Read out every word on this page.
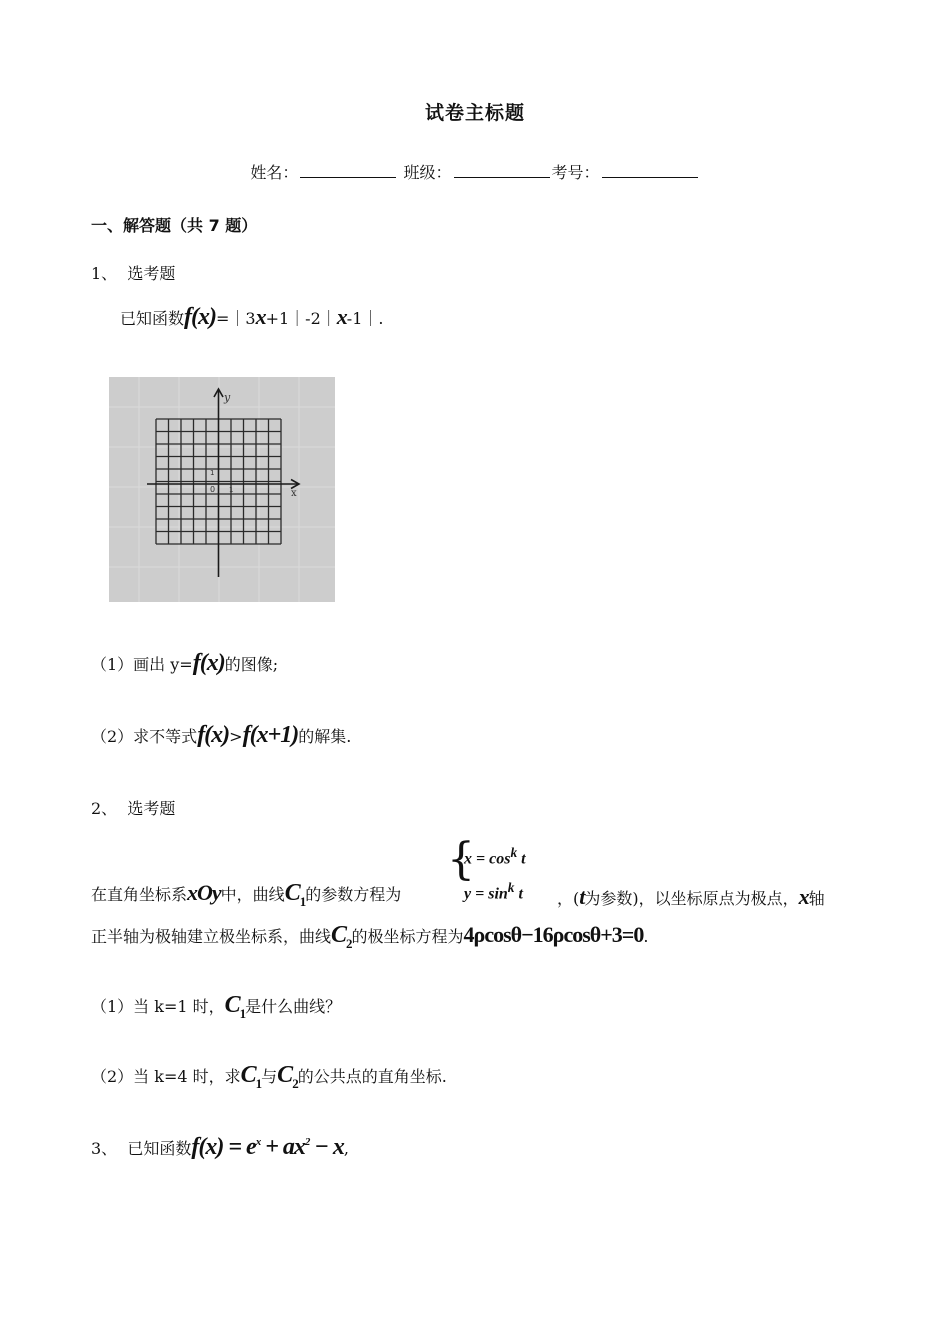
试卷主标题
姓名：	班级：	考号：
一、解答题（共 7 题）
1、 选考题
已知函数f(x)=｜3x+1｜-2｜x-1｜.
y
x
0 1
1
（1）画出 y=f(x)的图像;
（2）求不等式f(x)>f(x+1)的解集.
2、 选考题
{
$x = \cos^k t$
$y = \sin^k t$
在直角坐标系xOy中，曲线$C_1$的参数方程为	，(t为参数)，以坐标原点为极点，x轴
正半轴为极轴建立极坐标系，曲线$C_2$的极坐标方程为4ρcosθ−16ρcosθ+3=0.
（1）当 k=1 时，$C_1$是什么曲线？
（2）当 k=4 时，求$C_1$与$C_2$的公共点的直角坐标.
3、 已知函数$f(x) = e^x + ax^2 - x$,
